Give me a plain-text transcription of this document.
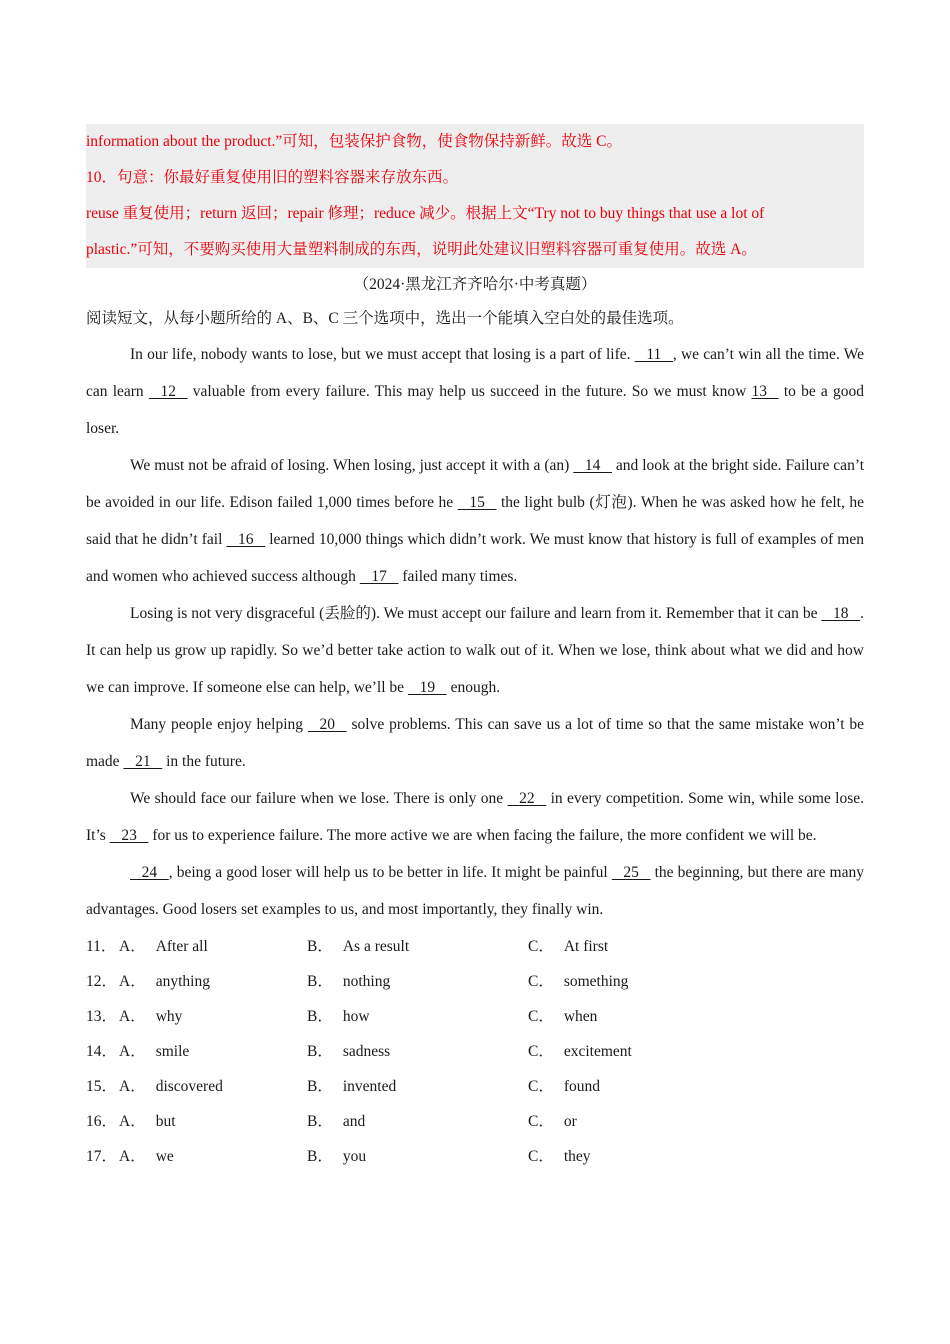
information about the product.”可知，包装保护食物，使食物保持新鲜。故选 C。

10．句意：你最好重复使用旧的塑料容器来存放东西。

reuse 重复使用；return 返回；repair 修理；reduce 减少。根据上文“Try not to buy things that use a lot of

plastic.”可知，不要购买使用大量塑料制成的东西，说明此处建议旧塑料容器可重复使用。故选 A。

（2024·黑龙江齐齐哈尔·中考真题）

阅读短文，从每小题所给的 A、B、C 三个选项中，选出一个能填入空白处的最佳选项。

In our life, nobody wants to lose, but we must accept that losing is a part of life.    11   , we can’t win all the time. We can learn    12    valuable from every failure. This may help us succeed in the future. So we must know 13    to be a good loser.

We must not be afraid of losing. When losing, just accept it with a (an)    14    and look at the bright side. Failure can’t be avoided in our life. Edison failed 1,000 times before he    15    the light bulb (灯泡). When he was asked how he felt, he said that he didn’t fail    16    learned 10,000 things which didn’t work. We must know that history is full of examples of men and women who achieved success although    17    failed many times.

Losing is not very disgraceful (丢脸的). We must accept our failure and learn from it. Remember that it can be    18   . It can help us grow up rapidly. So we’d better take action to walk out of it. When we lose, think about what we did and how we can improve. If someone else can help, we’ll be    19    enough.

Many people enjoy helping    20    solve problems. This can save us a lot of time so that the same mistake won’t be made    21    in the future.

We should face our failure when we lose. There is only one    22    in every competition. Some win, while some lose. It’s    23    for us to experience failure. The more active we are when facing the failure, the more confident we will be.

24   , being a good loser will help us to be better in life. It might be painful    25    the beginning, but there are many advantages. Good losers set examples to us, and most importantly, they finally win.

11． A． After all	B． As a result	C． At first
12． A． anything	B． nothing	C． something
13． A． why	B． how	C． when
14． A． smile	B． sadness	C． excitement
15． A． discovered	B． invented	C． found
16． A． but	B． and	C． or
17． A． we	B． you	C． they
